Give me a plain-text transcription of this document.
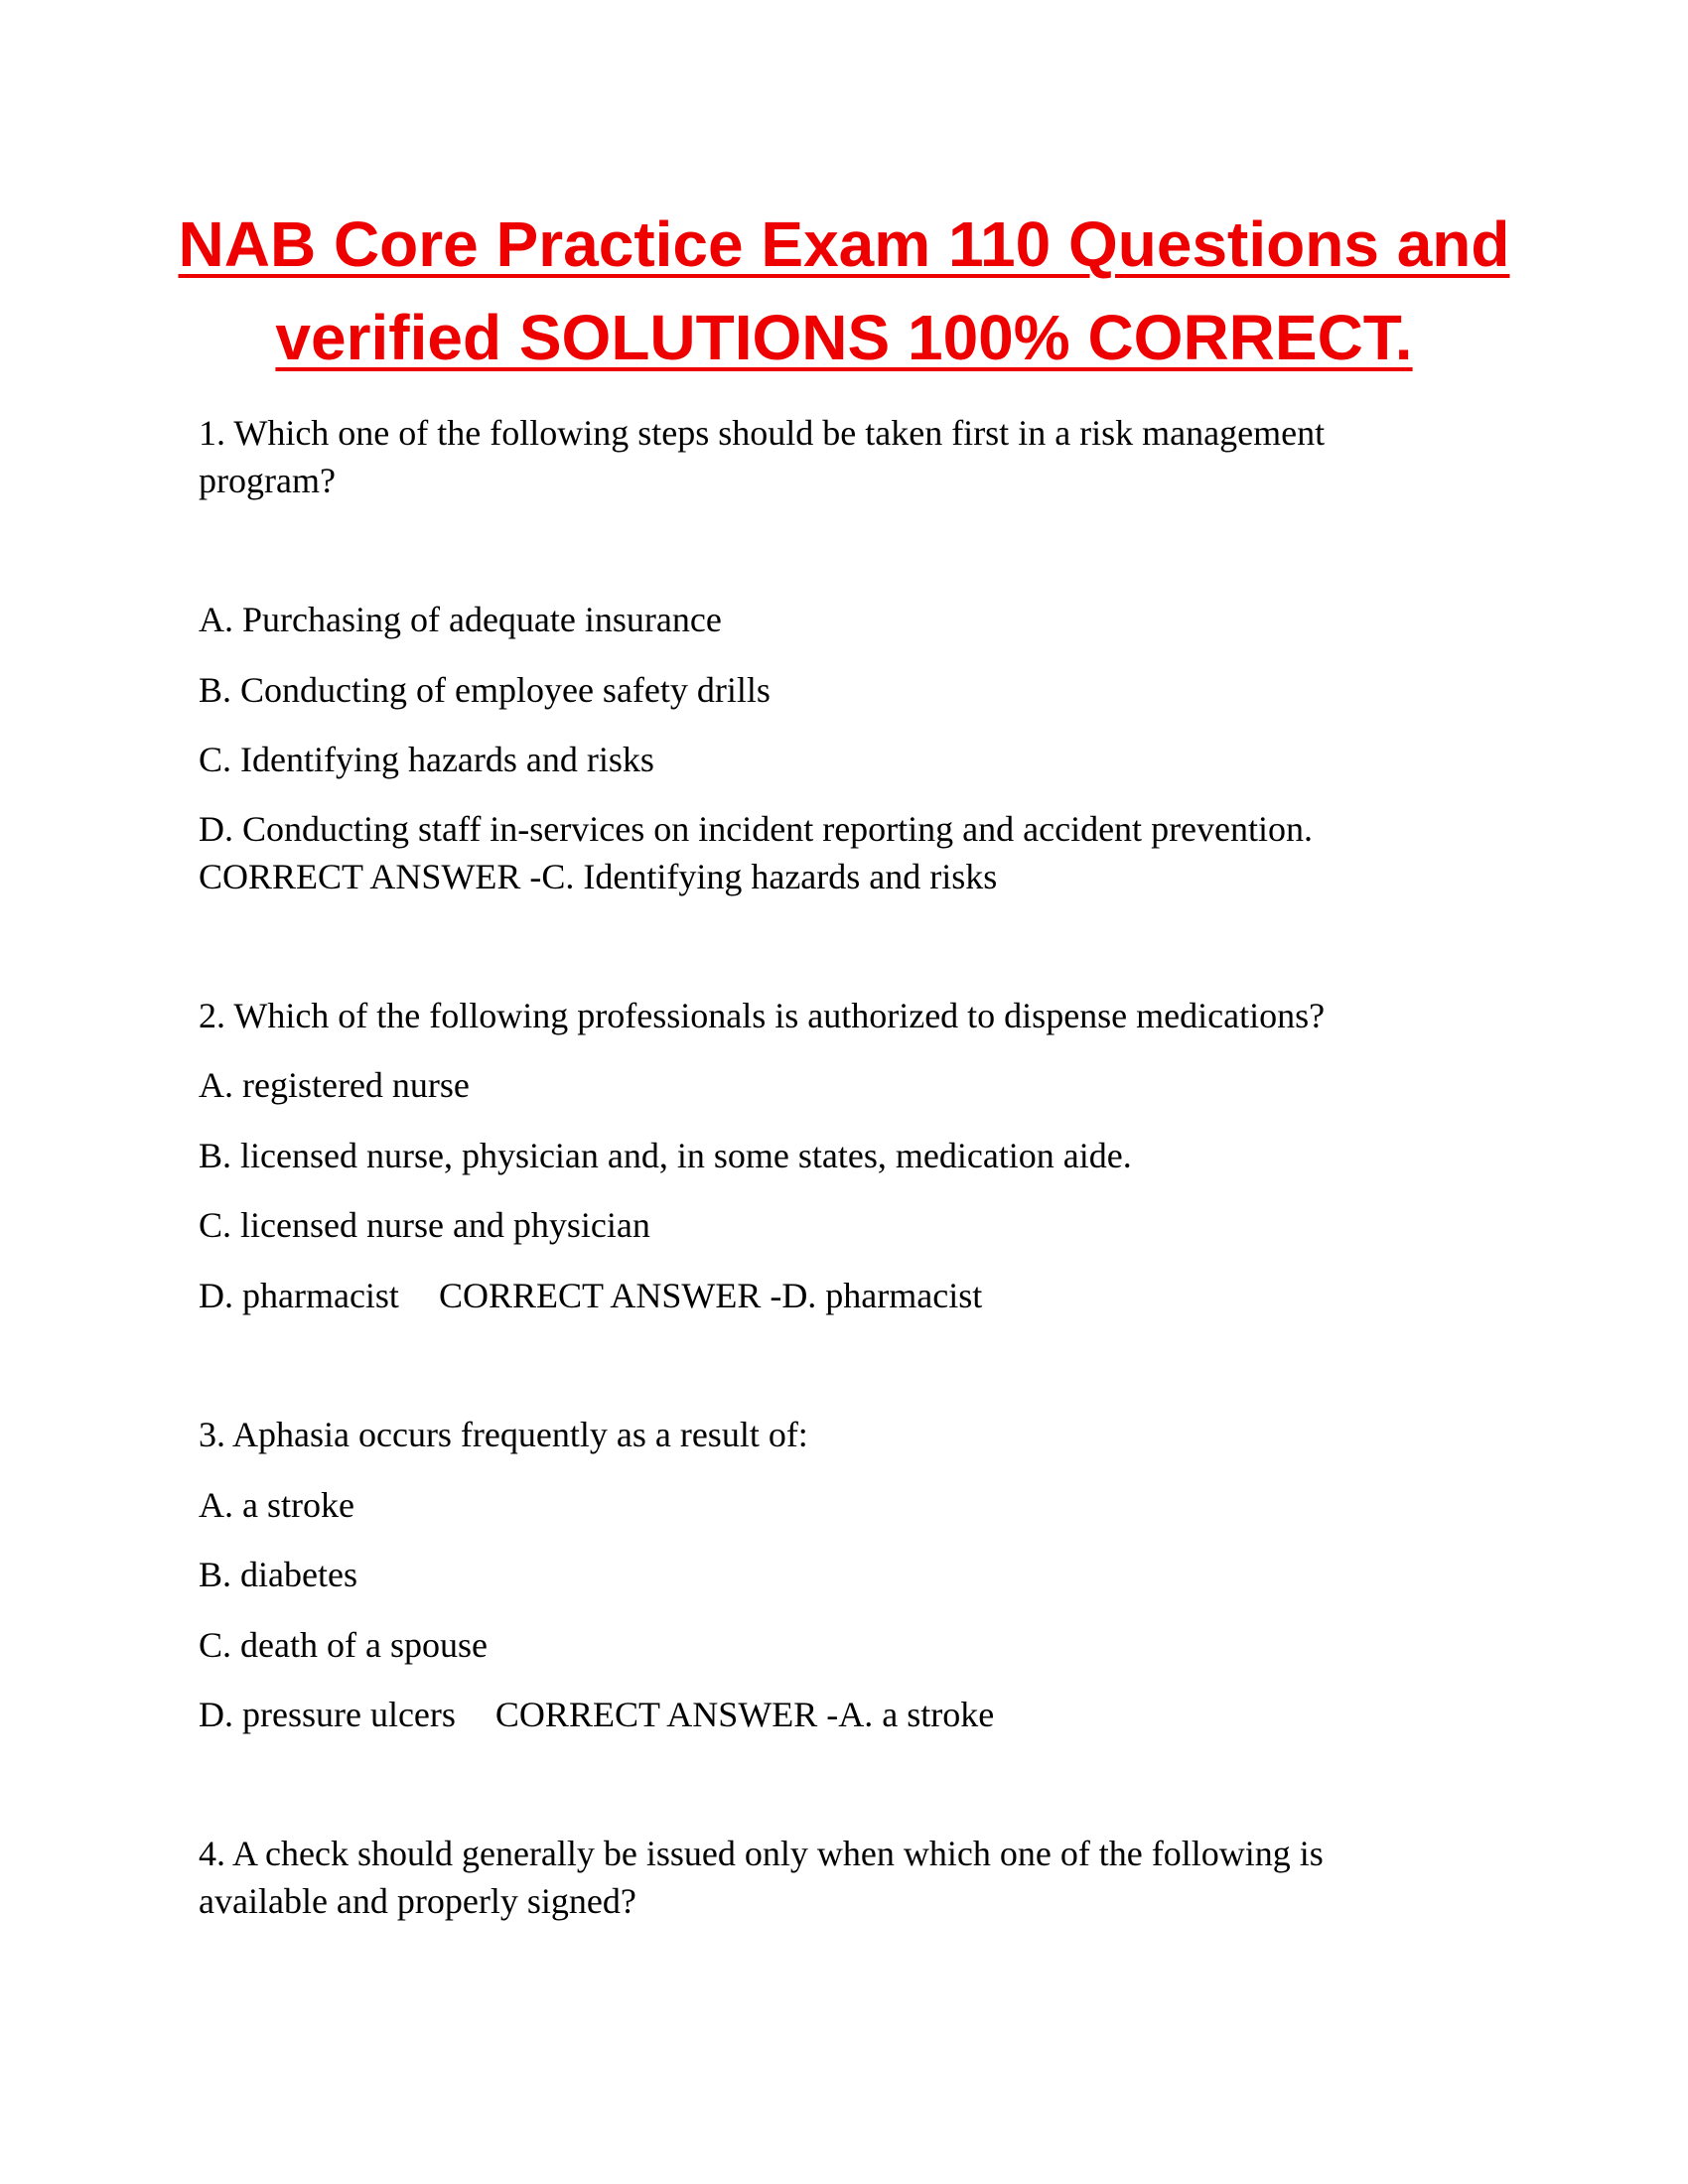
NAB Core Practice Exam 110 Questions and
verified SOLUTIONS 100% CORRECT.

1. Which one of the following steps should be taken first in a risk management

program?

A. Purchasing of adequate insurance

B. Conducting of employee safety drills

C. Identifying hazards and risks

D. Conducting staff in-services on incident reporting and accident prevention.

CORRECT ANSWER -C. Identifying hazards and risks

2. Which of the following professionals is authorized to dispense medications?

A. registered nurse

B. licensed nurse, physician and, in some states, medication aide.

C. licensed nurse and physician

D. pharmacist CORRECT ANSWER -D. pharmacist

3. Aphasia occurs frequently as a result of:

A. a stroke

B. diabetes

C. death of a spouse

D. pressure ulcers CORRECT ANSWER -A. a stroke

4. A check should generally be issued only when which one of the following is

available and properly signed?
